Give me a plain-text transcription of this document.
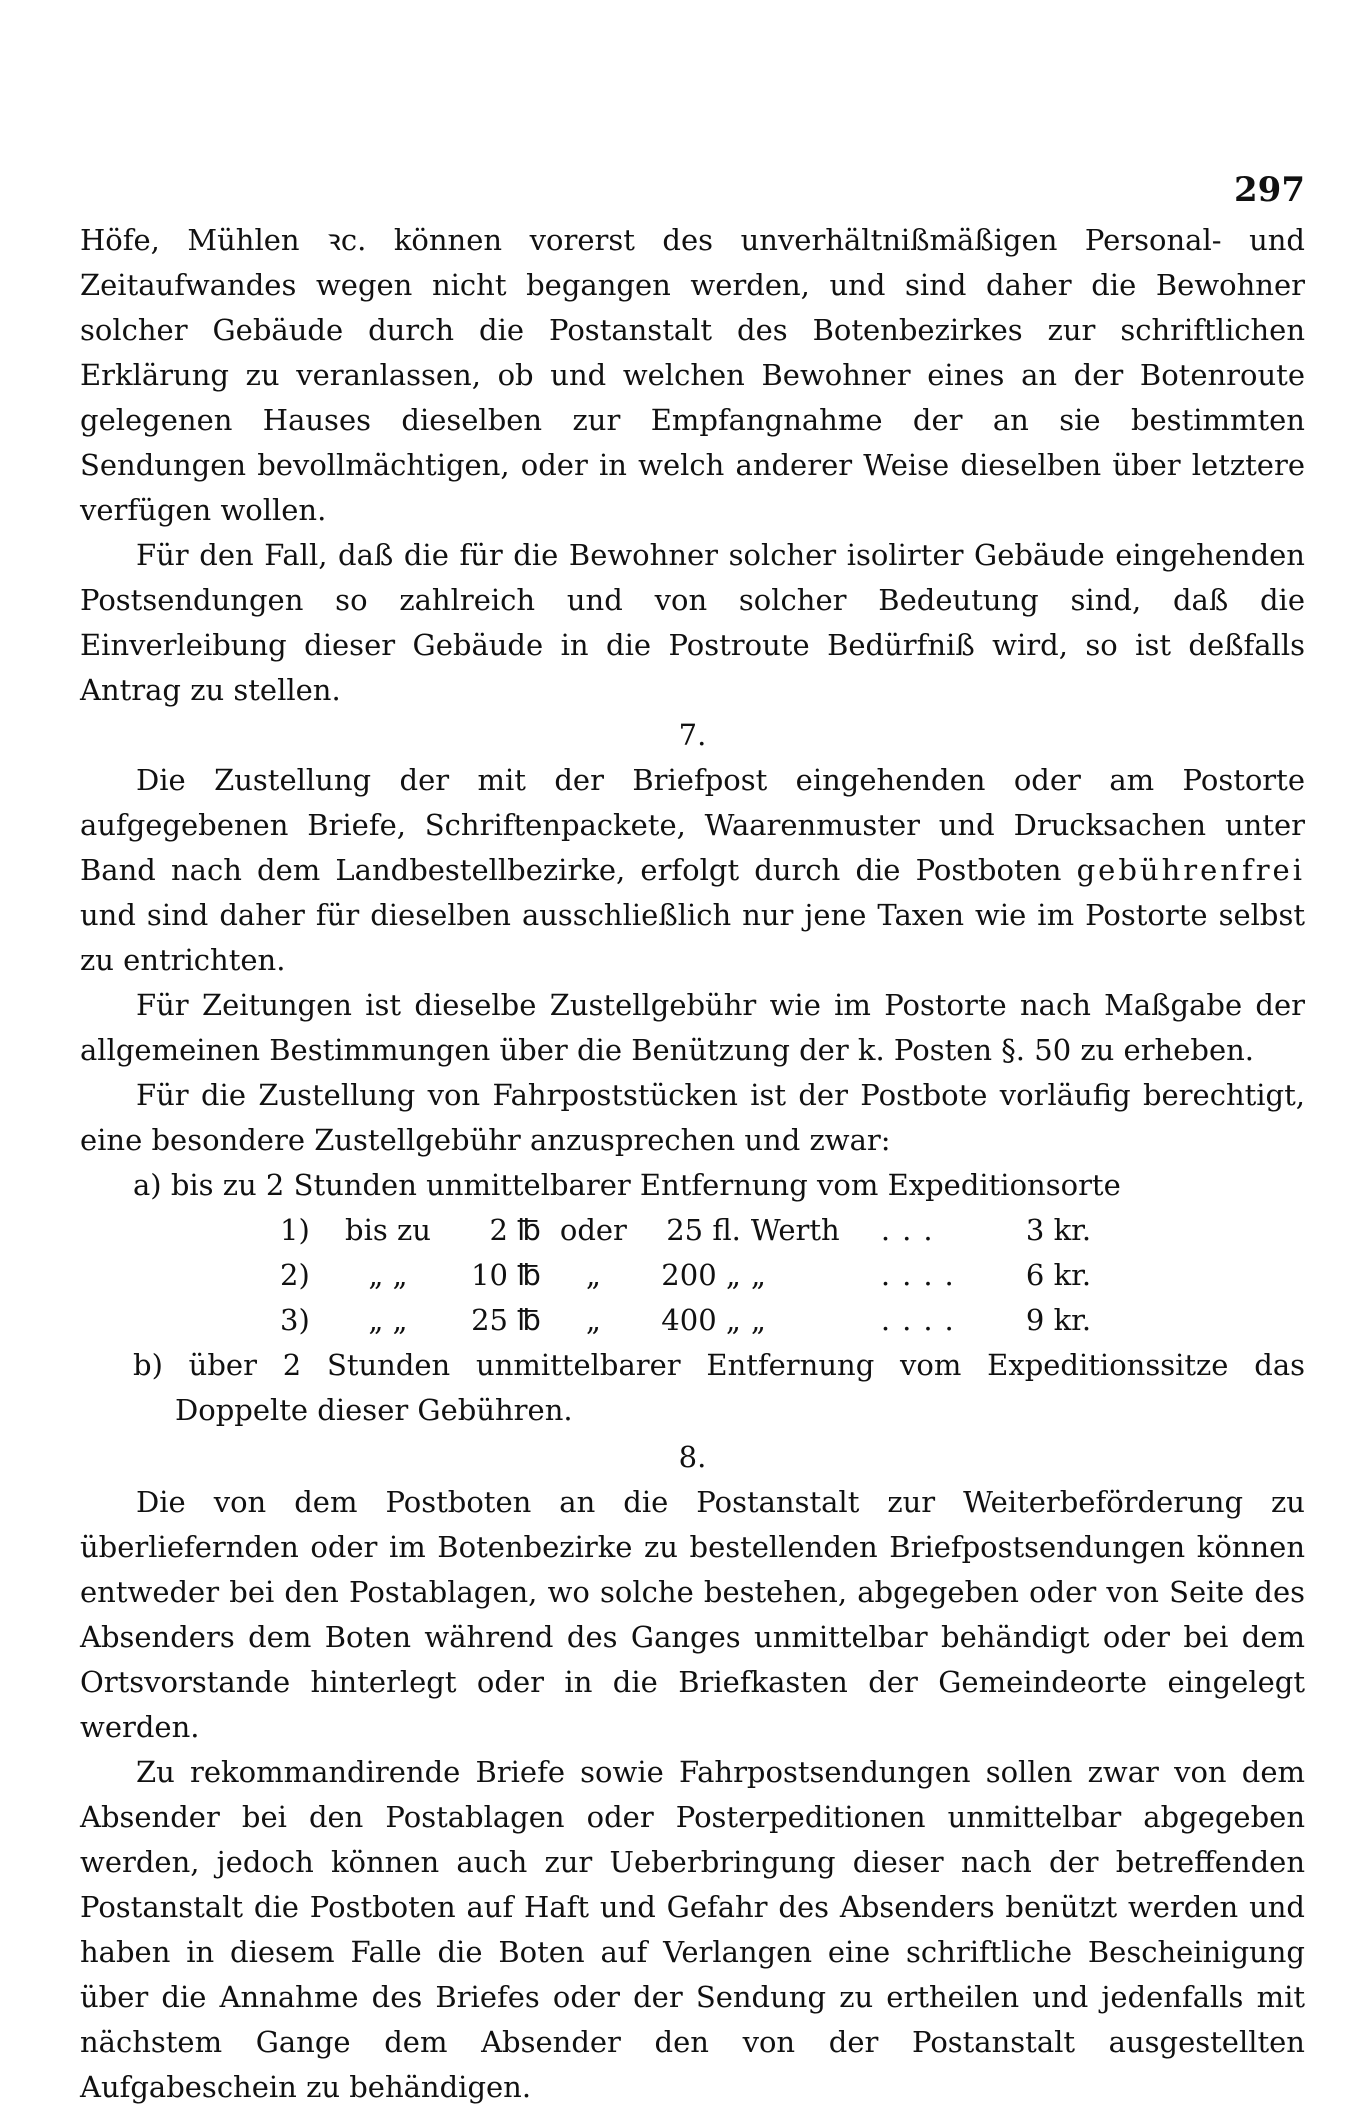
297

Höfe, Mühlen ꝛc. können vorerst des unverhältnißmäßigen Personal- und Zeitaufwandes wegen nicht begangen werden, und sind daher die Bewohner solcher Gebäude durch die Postanstalt des Botenbezirkes zur schriftlichen Erklärung zu veranlassen, ob und welchen Bewohner eines an der Botenroute gelegenen Hauses dieselben zur Empfangnahme der an sie bestimmten Sendungen bevollmächtigen, oder in welch anderer Weise dieselben über letztere verfügen wollen.

Für den Fall, daß die für die Bewohner solcher isolirter Gebäude eingehenden Postsendungen so zahlreich und von solcher Bedeutung sind, daß die Einverleibung dieser Gebäude in die Postroute Bedürfniß wird, so ist deßfalls Antrag zu stellen.

7.

Die Zustellung der mit der Briefpost eingehenden oder am Postorte aufgegebenen Briefe, Schriftenpackete, Waarenmuster und Drucksachen unter Band nach dem Landbestellbezirke, erfolgt durch die Postboten gebührenfrei und sind daher für dieselben ausschließlich nur jene Taxen wie im Postorte selbst zu entrichten.

Für Zeitungen ist dieselbe Zustellgebühr wie im Postorte nach Maßgabe der allgemeinen Bestimmungen über die Benützung der k. Posten §. 50 zu erheben.

Für die Zustellung von Fahrpoststücken ist der Postbote vorläufig berechtigt, eine besondere Zustellgebühr anzusprechen und zwar:

a) bis zu 2 Stunden unmittelbarer Entfernung vom Expeditionsorte

1)	bis zu	2 ℔	oder	25 fl.	Werth	...	3 kr.
2)	„ „	10 ℔	„	200 „	„	....	6 kr.
3)	„ „	25 ℔	„	400 „	„	....	9 kr.

b) über 2 Stunden unmittelbarer Entfernung vom Expeditionssitze das Doppelte dieser Gebühren.

8.

Die von dem Postboten an die Postanstalt zur Weiterbeförderung zu überliefernden oder im Botenbezirke zu bestellenden Briefpostsendungen können entweder bei den Postablagen, wo solche bestehen, abgegeben oder von Seite des Absenders dem Boten während des Ganges unmittelbar behändigt oder bei dem Ortsvorstande hinterlegt oder in die Briefkasten der Gemeindeorte eingelegt werden.

Zu rekommandirende Briefe sowie Fahrpostsendungen sollen zwar von dem Absender bei den Postablagen oder Posterpeditionen unmittelbar abgegeben werden, jedoch können auch zur Ueberbringung dieser nach der betreffenden Postanstalt die Postboten auf Haft und Gefahr des Absenders benützt werden und haben in diesem Falle die Boten auf Verlangen eine schriftliche Bescheinigung über die Annahme des Briefes oder der Sendung zu ertheilen und jedenfalls mit nächstem Gange dem Absender den von der Postanstalt ausgestellten Aufgabeschein zu behändigen.
